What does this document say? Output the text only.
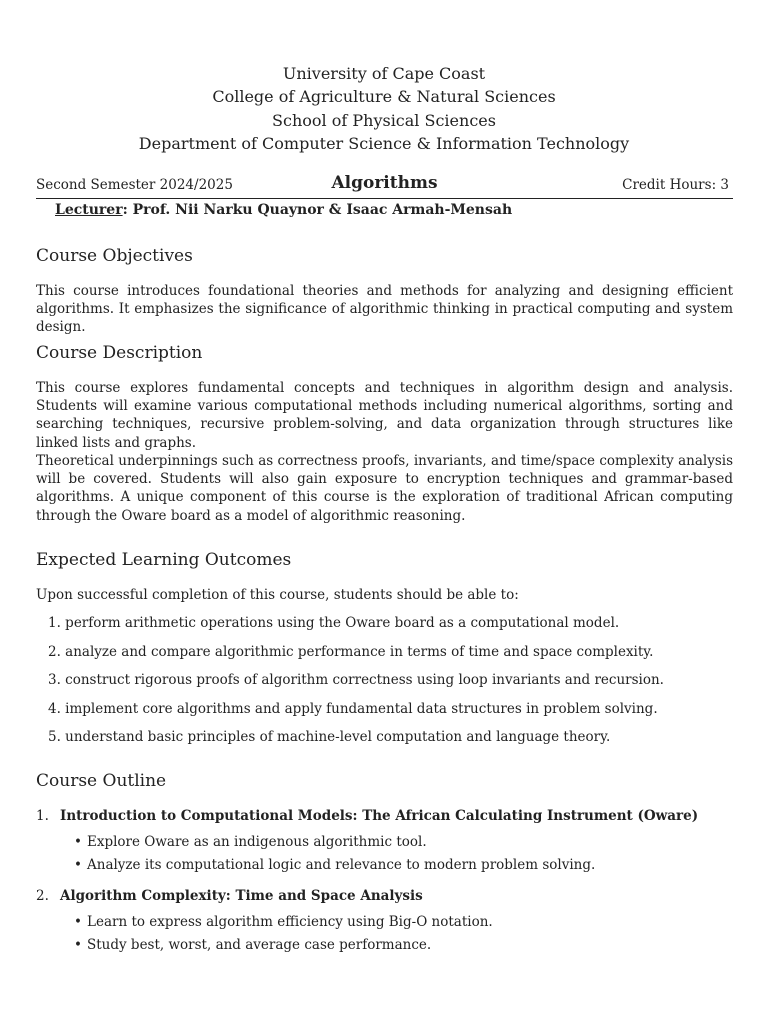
University of Cape Coast
College of Agriculture & Natural Sciences
School of Physical Sciences
Department of Computer Science & Information Technology
Second Semester 2024/2025	Algorithms	Credit Hours: 3
Lecturer: Prof. Nii Narku Quaynor & Isaac Armah-Mensah
Course Objectives

This course introduces foundational theories and methods for analyzing and designing efficient algorithms. It emphasizes the significance of algorithmic thinking in practical computing and system design.

Course Description

This course explores fundamental concepts and techniques in algorithm design and analysis. Students will examine various computational methods including numerical algorithms, sorting and searching techniques, recursive problem-solving, and data organization through structures like linked lists and graphs.

Theoretical underpinnings such as correctness proofs, invariants, and time/space complexity analysis will be covered. Students will also gain exposure to encryption techniques and grammar-based algorithms. A unique component of this course is the exploration of traditional African computing through the Oware board as a model of algorithmic reasoning.

Expected Learning Outcomes

Upon successful completion of this course, students should be able to:

1. perform arithmetic operations using the Oware board as a computational model.
2. analyze and compare algorithmic performance in terms of time and space complexity.
3. construct rigorous proofs of algorithm correctness using loop invariants and recursion.
4. implement core algorithms and apply fundamental data structures in problem solving.
5. understand basic principles of machine-level computation and language theory.
Course Outline
1. Introduction to Computational Models: The African Calculating Instrument (Oware)
• Explore Oware as an indigenous algorithmic tool.
• Analyze its computational logic and relevance to modern problem solving.
2. Algorithm Complexity: Time and Space Analysis
• Learn to express algorithm efficiency using Big-O notation.
• Study best, worst, and average case performance.
